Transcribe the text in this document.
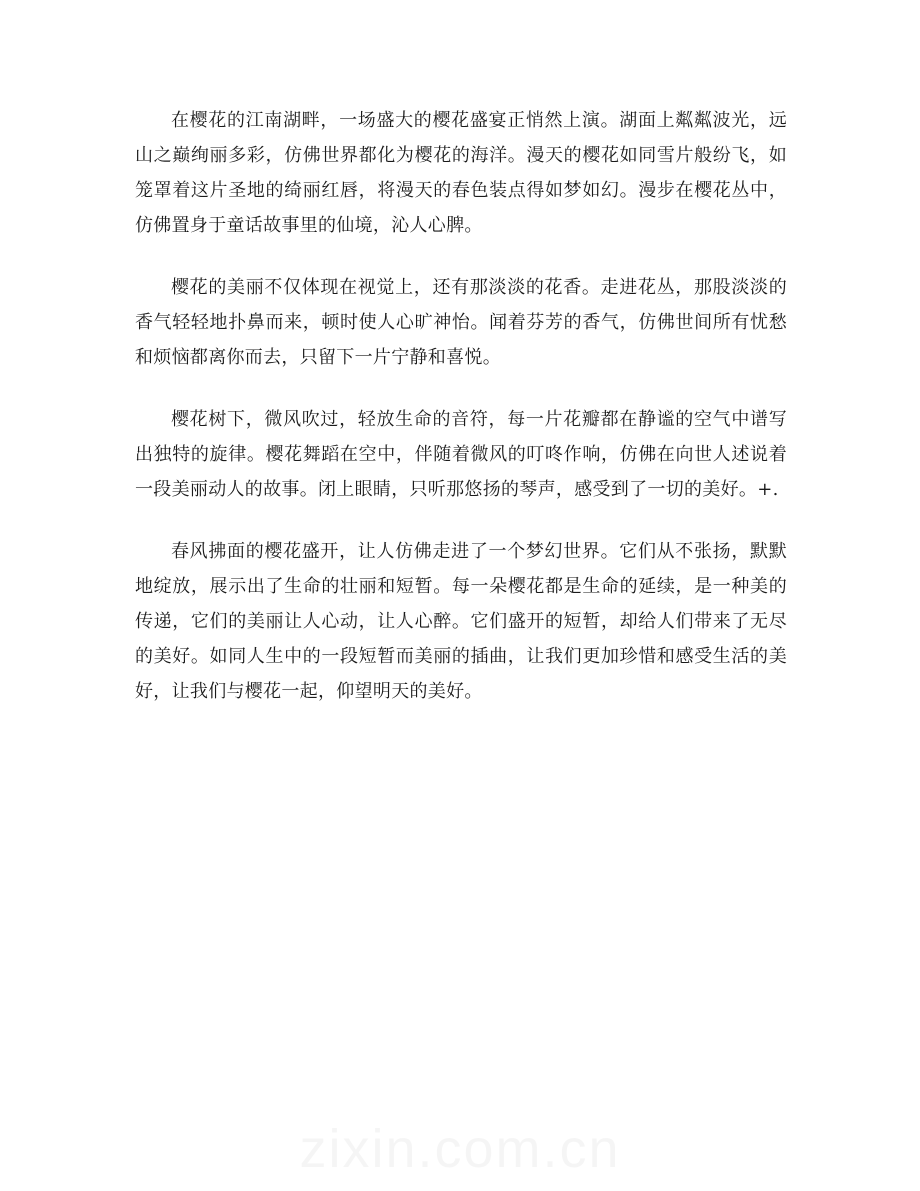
在樱花的江南湖畔，一场盛大的樱花盛宴正悄然上演。湖面上粼粼波光，远山之巅绚丽多彩，仿佛世界都化为樱花的海洋。漫天的樱花如同雪片般纷飞，如笼罩着这片圣地的绮丽红唇，将漫天的春色装点得如梦如幻。漫步在樱花丛中，仿佛置身于童话故事里的仙境，沁人心脾。

樱花的美丽不仅体现在视觉上，还有那淡淡的花香。走进花丛，那股淡淡的香气轻轻地扑鼻而来，顿时使人心旷神怡。闻着芬芳的香气，仿佛世间所有忧愁和烦恼都离你而去，只留下一片宁静和喜悦。

樱花树下，微风吹过，轻放生命的音符，每一片花瓣都在静谧的空气中谱写出独特的旋律。樱花舞蹈在空中，伴随着微风的叮咚作响，仿佛在向世人述说着一段美丽动人的故事。闭上眼睛，只听那悠扬的琴声，感受到了一切的美好。+.

春风拂面的樱花盛开，让人仿佛走进了一个梦幻世界。它们从不张扬，默默地绽放，展示出了生命的壮丽和短暂。每一朵樱花都是生命的延续，是一种美的传递，它们的美丽让人心动，让人心醉。它们盛开的短暂，却给人们带来了无尽的美好。如同人生中的一段短暂而美丽的插曲，让我们更加珍惜和感受生活的美好，让我们与樱花一起，仰望明天的美好。
